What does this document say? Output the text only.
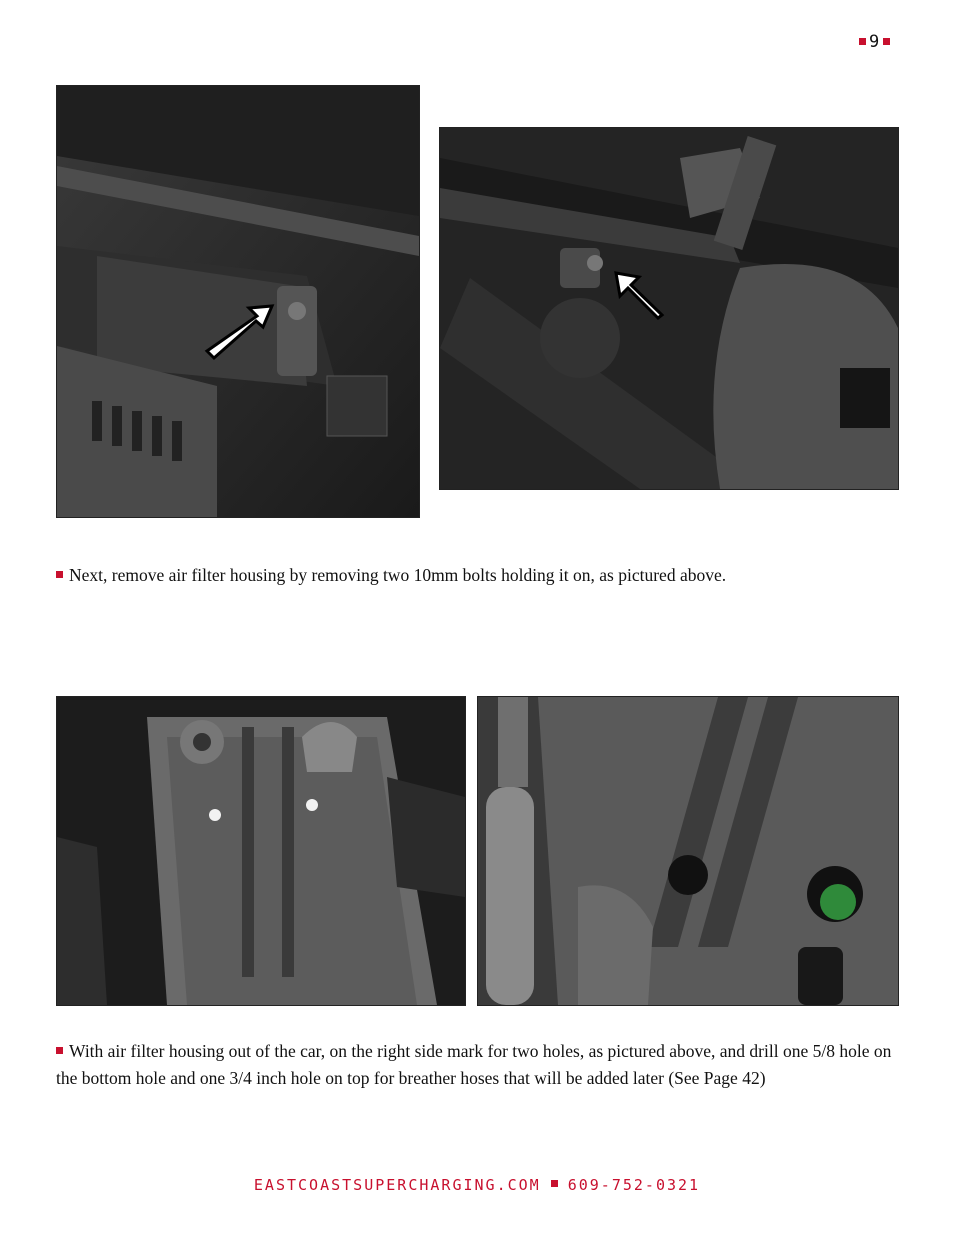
9
Next, remove air filter housing by removing two 10mm bolts holding it on, as pictured above.
With air filter housing out of the car, on the right side mark for two holes, as pictured above, and drill one 5/8 hole on the bottom hole and one 3/4 inch hole on top for breather hoses that will be added later (See Page 42)
EASTCOASTSUPERCHARGING.COM 609-752-0321
